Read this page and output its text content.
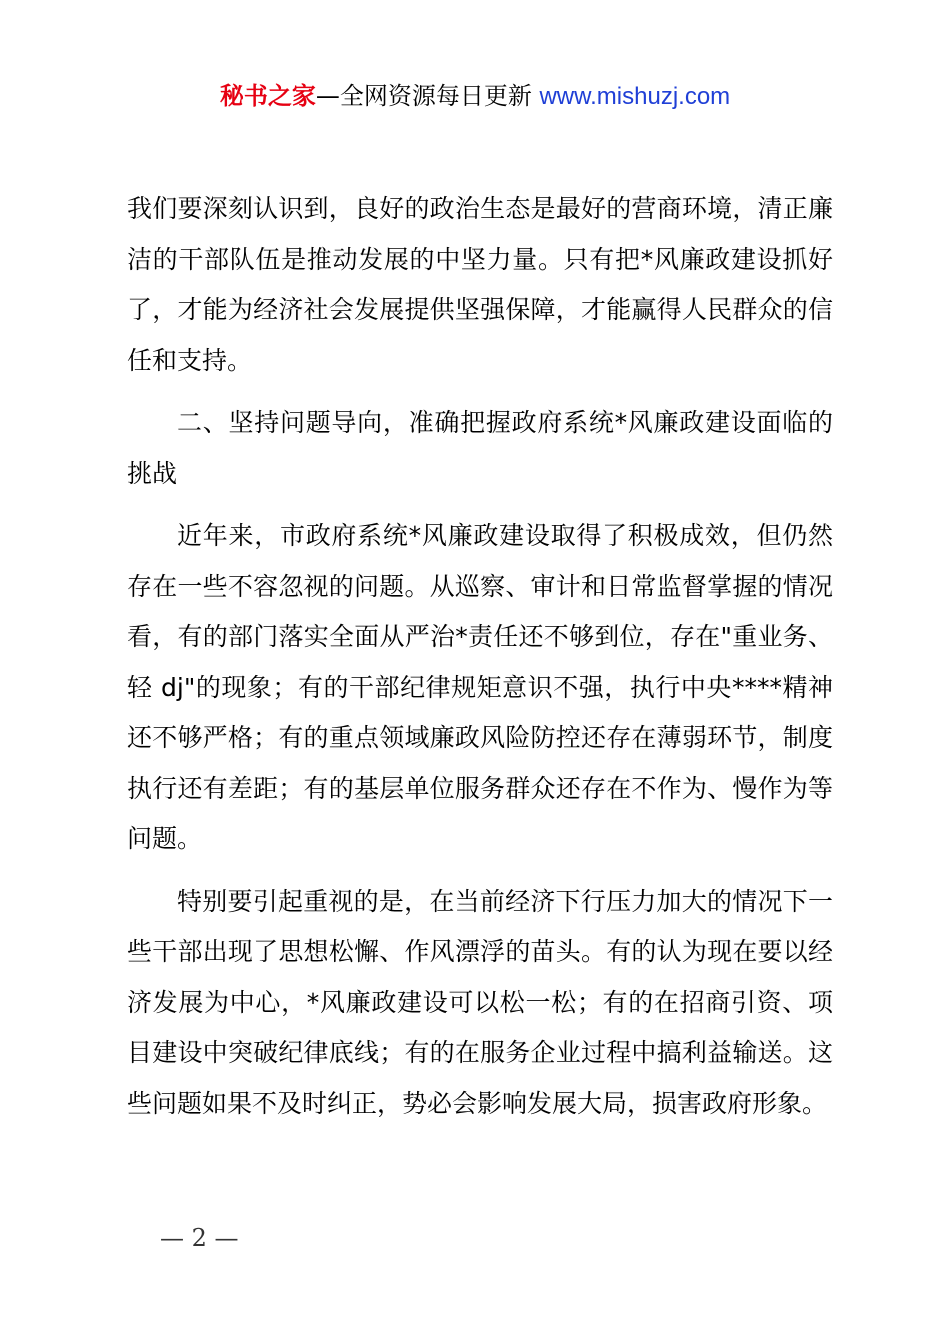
秘书之家—全网资源每日更新 www.mishuzj.com

我们要深刻认识到，良好的政治生态是最好的营商环境，清正廉洁的干部队伍是推动发展的中坚力量。只有把*风廉政建设抓好了，才能为经济社会发展提供坚强保障，才能赢得人民群众的信任和支持。

二、坚持问题导向，准确把握政府系统*风廉政建设面临的挑战

近年来，市政府系统*风廉政建设取得了积极成效，但仍然存在一些不容忽视的问题。从巡察、审计和日常监督掌握的情况看，有的部门落实全面从严治*责任还不够到位，存在"重业务、轻 dj"的现象；有的干部纪律规矩意识不强，执行中央****精神还不够严格；有的重点领域廉政风险防控还存在薄弱环节，制度执行还有差距；有的基层单位服务群众还存在不作为、慢作为等问题。

特别要引起重视的是，在当前经济下行压力加大的情况下一些干部出现了思想松懈、作风漂浮的苗头。有的认为现在要以经济发展为中心，*风廉政建设可以松一松；有的在招商引资、项目建设中突破纪律底线；有的在服务企业过程中搞利益输送。这些问题如果不及时纠正，势必会影响发展大局，损害政府形象。

— 2 —
